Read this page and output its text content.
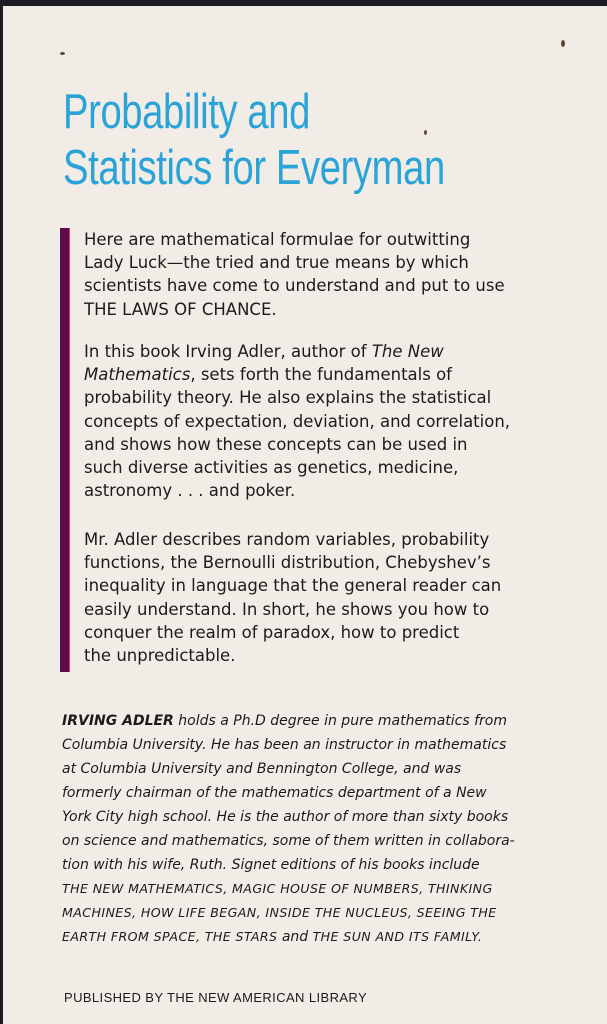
Probability and
Statistics for Everyman

Here are mathematical formulae for outwitting
Lady Luck—the tried and true means by which
scientists have come to understand and put to use
THE LAWS OF CHANCE.

In this book Irving Adler, author of The New
Mathematics, sets forth the fundamentals of
probability theory. He also explains the statistical
concepts of expectation, deviation, and correlation,
and shows how these concepts can be used in
such diverse activities as genetics, medicine,
astronomy . . . and poker.

Mr. Adler describes random variables, probability
functions, the Bernoulli distribution, Chebyshev’s
inequality in language that the general reader can
easily understand. In short, he shows you how to
conquer the realm of paradox, how to predict
the unpredictable.

IRVING ADLER holds a Ph.D degree in pure mathematics from
Columbia University. He has been an instructor in mathematics
at Columbia University and Bennington College, and was
formerly chairman of the mathematics department of a New
York City high school. He is the author of more than sixty books
on science and mathematics, some of them written in collabora-
tion with his wife, Ruth. Signet editions of his books include
THE NEW MATHEMATICS, MAGIC HOUSE OF NUMBERS, THINKING
MACHINES, HOW LIFE BEGAN, INSIDE THE NUCLEUS, SEEING THE
EARTH FROM SPACE, THE STARS and THE SUN AND ITS FAMILY.

PUBLISHED BY THE NEW AMERICAN LIBRARY
